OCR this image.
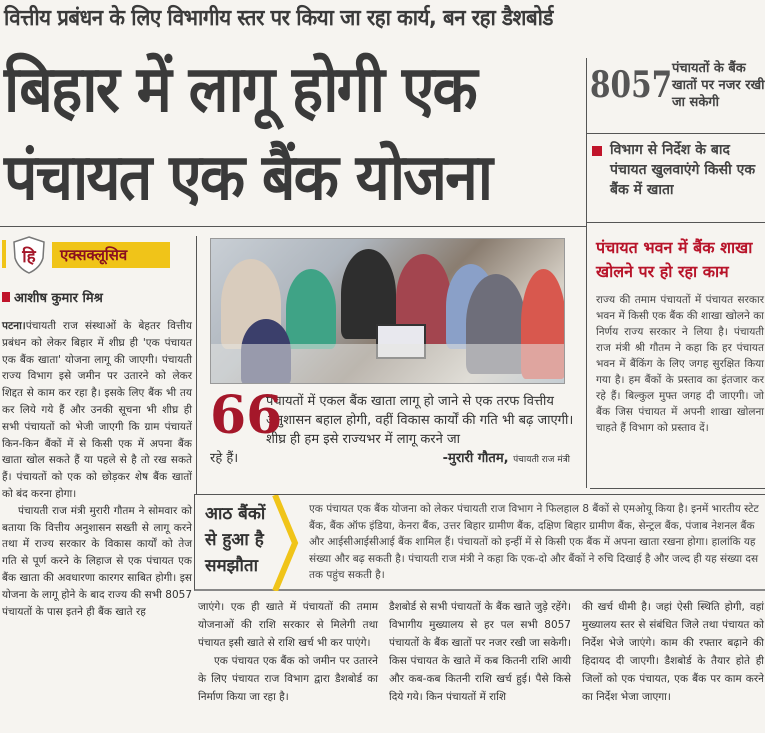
वित्तीय प्रबंधन के लिए विभागीय स्तर पर किया जा रहा कार्य, बन रहा डैशबोर्ड
बिहार में लागू होगी एक
पंचायत एक बैंक योजना
8057 पंचायतों के बैंक खातों पर नजर रखी जा सकेगी
विभाग से निर्देश के बाद पंचायत खुलवाएंगे किसी एक बैंक में खाता
पंचायत भवन में बैंक शाखा खोलने पर हो रहा काम
राज्य की तमाम पंचायतों में पंचायत सरकार भवन में किसी एक बैंक की शाखा खोलने का निर्णय राज्य सरकार ने लिया है। पंचायती राज मंत्री श्री गौतम ने कहा कि हर पंचायत भवन में बैंकिंग के लिए जगह सुरक्षित किया गया है। हम बैंकों के प्रस्ताव का इंतजार कर रहे हैं। बिल्कुल मुफ्त जगह दी जाएगी। जो बैंक जिस पंचायत में अपनी शाखा खोलना चाहते हैं विभाग को प्रस्ताव दें।
हि	एक्सक्लूसिव
आशीष कुमार मिश्र

पटना।पंचायती राज संस्थाओं के बेहतर वित्तीय प्रबंधन को लेकर बिहार में शीघ्र ही 'एक पंचायत एक बैंक खाता' योजना लागू की जाएगी। पंचायती राज्य विभाग इसे जमीन पर उतारने को लेकर शिद्दत से काम कर रहा है। इसके लिए बैंक भी तय कर लिये गये हैं और उनकी सूचना भी शीघ्र ही सभी पंचायतों को भेजी जाएगी कि ग्राम पंचायतें किन-किन बैंकों में से किसी एक में अपना बैंक खाता खोल सकते हैं या पहले से है तो रख सकते हैं। पंचायतों को एक को छोड़कर शेष बैंक खातों को बंद करना होगा।

पंचायती राज मंत्री मुरारी गौतम ने सोमवार को बताया कि वित्तीय अनुशासन सख्ती से लागू करने तथा में राज्य सरकार के विकास कार्यों को तेज गति से पूर्ण करने के लिहाज से एक पंचायत एक बैंक खाता की अवधारणा कारगर साबित होगी। इस योजना के लागू होने के बाद राज्य की सभी 8057 पंचायतों के पास इतने ही बैंक खाते रह

66
पंचायतों में एकल बैंक खाता लागू हो जाने से एक तरफ वित्तीय अनुशासन बहाल होगी, वहीं विकास कार्यों की गति भी बढ़ जाएगी। शीघ्र ही हम इसे राज्यभर में लागू करने जा
रहे हैं।	-मुरारी गौतम, पंचायती राज मंत्री
आठ बैंकों से हुआ है समझौता
एक पंचायत एक बैंक योजना को लेकर पंचायती राज विभाग ने फिलहाल 8 बैंकों से एमओयू किया है। इनमें भारतीय स्टेट बैंक, बैंक ऑफ इंडिया, केनरा बैंक, उत्तर बिहार ग्रामीण बैंक, दक्षिण बिहार ग्रामीण बैंक, सेन्ट्रल बैंक, पंजाब नेशनल बैंक और आईसीआईसीआई बैंक शामिल हैं। पंचायतों को इन्हीं में से किसी एक बैंक में अपना खाता रखना होगा। हालांकि यह संख्या और बढ़ सकती है। पंचायती राज मंत्री ने कहा कि एक-दो और बैंकों ने रुचि दिखाई है और जल्द ही यह संख्या दस तक पहुंच सकती है।

जाएंगे। एक ही खाते में पंचायतों की तमाम योजनाओं की राशि सरकार से मिलेगी तथा पंचायत इसी खाते से राशि खर्च भी कर पाएंगे।

एक पंचायत एक बैंक को जमीन पर उतारने के लिए पंचायत राज विभाग द्वारा डैशबोर्ड का निर्माण किया जा रहा है।

डैशबोर्ड से सभी पंचायतों के बैंक खाते जुड़े रहेंगे। विभागीय मुख्यालय से हर पल सभी 8057 पंचायतों के बैंक खातों पर नजर रखी जा सकेगी। किस पंचायत के खाते में कब कितनी राशि आयी और कब-कब कितनी राशि खर्च हुई। पैसे किसे दिये गये। किन पंचायतों में राशि
की खर्च धीमी है। जहां ऐसी स्थिति होगी, वहां मुख्यालय स्तर से संबंधित जिले तथा पंचायत को निर्देश भेजे जाएंगे। काम की रफ्तार बढ़ाने की हिदायद दी जाएगी। डैशबोर्ड के तैयार होते ही जिलों को एक पंचायत, एक बैंक पर काम करने का निर्देश भेजा जाएगा।
